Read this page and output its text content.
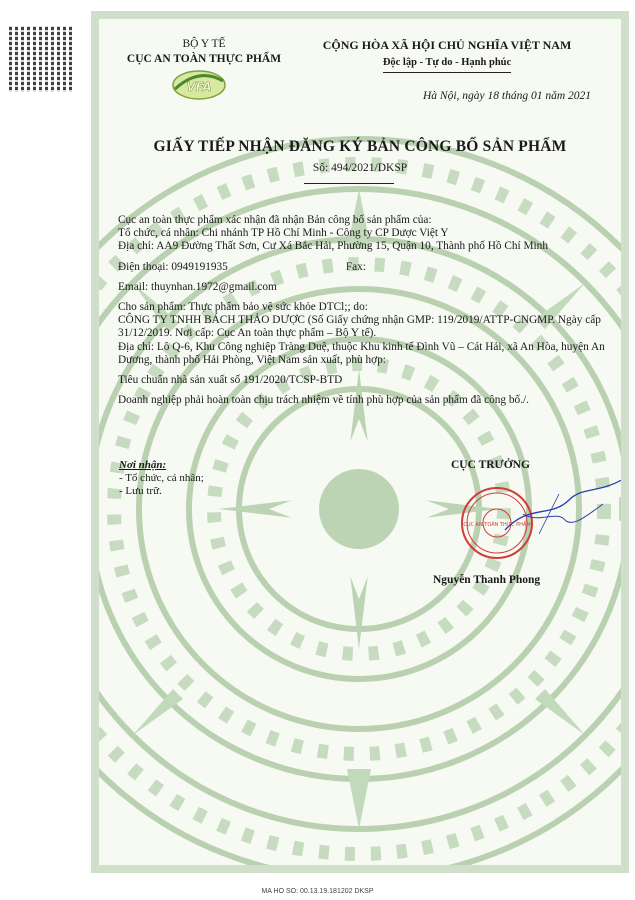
BỘ Y TẾ
CỤC AN TOÀN THỰC PHẨM
VFA
CỘNG HÒA XÃ HỘI CHỦ NGHĨA VIỆT NAM
Độc lập - Tự do - Hạnh phúc
Hà Nội, ngày 18 tháng 01 năm 2021
GIẤY TIẾP NHẬN ĐĂNG KÝ BẢN CÔNG BỐ SẢN PHẨM
Số: 494/2021/DKSP

Cục an toàn thực phẩm xác nhận đã nhận Bản công bố sản phẩm của:

Tổ chức, cá nhân: Chi nhánh TP Hồ Chí Minh - Công ty CP Dược Việt Y

Địa chỉ: AA9 Đường Thất Sơn, Cư Xá Bắc Hải, Phường 15, Quận 10, Thành phố Hồ Chí Minh

Điện thoại: 0949191935	Fax:

Email: thuynhan.1972@gmail.com

Cho sản phẩm: Thực phẩm bảo vệ sức khỏe DTCl;; do:

CÔNG TY TNHH BÁCH THẢO DƯỢC (Số Giấy chứng nhận GMP: 119/2019/ATTP-CNGMP. Ngày cấp 31/12/2019. Nơi cấp: Cục An toàn thực phẩm – Bộ Y tế).

Địa chỉ: Lô Q-6, Khu Công nghiệp Tràng Duệ, thuộc Khu kinh tế Đình Vũ – Cát Hải, xã An Hòa, huyện An Dương, thành phố Hải Phòng, Việt Nam sản xuất, phù hợp:

Tiêu chuẩn nhà sản xuất số 191/2020/TCSP-BTD

Doanh nghiệp phải hoàn toàn chịu trách nhiệm về tính phù hợp của sản phẩm đã công bố./.

Nơi nhận:
- Tổ chức, cá nhân;
- Lưu trữ.
CỤC TRƯỞNG
CỤC AN TOÀN THỰC PHẨM
Nguyễn Thanh Phong
MA HO SO: 00.13.19.181202 DKSP
